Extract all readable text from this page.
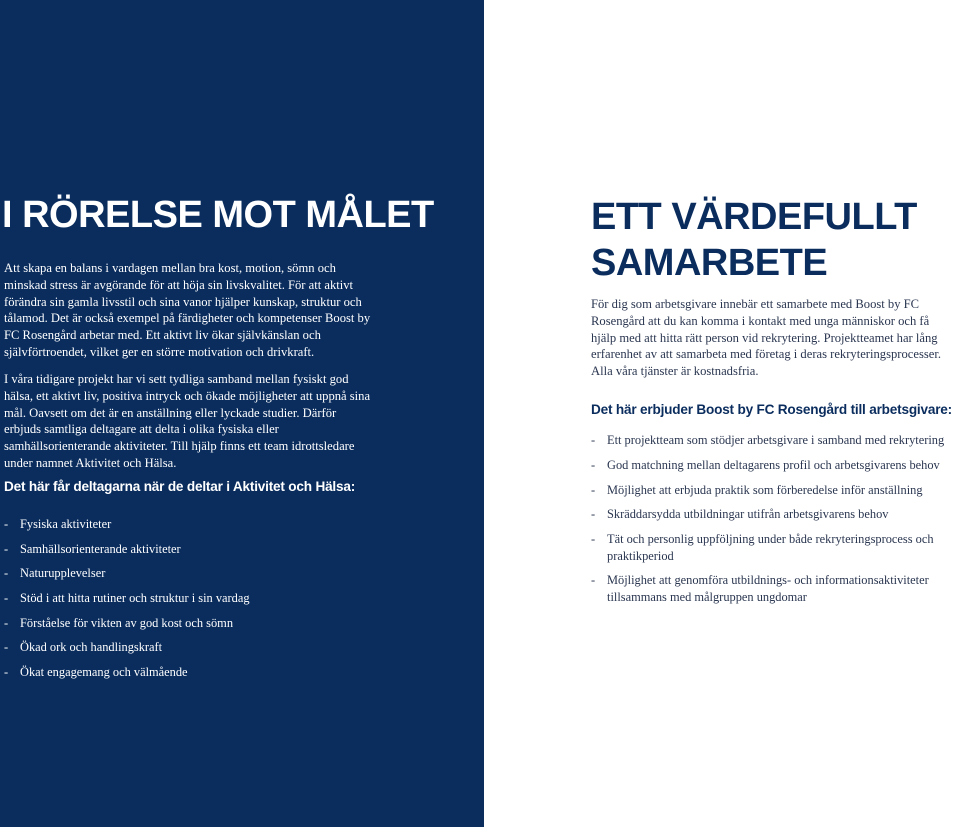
I RÖRELSE MOT MÅLET

Att skapa en balans i vardagen mellan bra kost, motion, sömn och minskad stress är avgörande för att höja sin livskvalitet. För att aktivt förändra sin gamla livsstil och sina vanor hjälper kunskap, struktur och tålamod. Det är också exempel på färdigheter och kompetenser Boost by FC Rosengård arbetar med. Ett aktivt liv ökar självkänslan och självförtroendet, vilket ger en större motivation och drivkraft.

I våra tidigare projekt har vi sett tydliga samband mellan fysiskt god hälsa, ett aktivt liv, positiva intryck och ökade möjligheter att uppnå sina mål. Oavsett om det är en anställning eller lyckade studier. Därför erbjuds samtliga deltagare att delta i olika fysiska eller samhällsorienterande aktiviteter. Till hjälp finns ett team idrottsledare under namnet Aktivitet och Hälsa.

Det här får deltagarna när de deltar i Aktivitet och Hälsa:
- Fysiska aktiviteter
- Samhällsorienterande aktiviteter
- Naturupplevelser
- Stöd i att hitta rutiner och struktur i sin vardag
- Förståelse för vikten av god kost och sömn
- Ökad ork och handlingskraft
- Ökat engagemang och välmående
ETT VÄRDEFULLT SAMARBETE

För dig som arbetsgivare innebär ett samarbete med Boost by FC Rosengård att du kan komma i kontakt med unga människor och få hjälp med att hitta rätt person vid rekrytering. Projektteamet har lång erfarenhet av att samarbeta med företag i deras rekryteringsprocesser. Alla våra tjänster är kostnadsfria.

Det här erbjuder Boost by FC Rosengård till arbetsgivare:
- Ett projektteam som stödjer arbetsgivare i samband med rekrytering
- God matchning mellan deltagarens profil och arbetsgivarens behov
- Möjlighet att erbjuda praktik som förberedelse inför anställning
- Skräddarsydda utbildningar utifrån arbetsgivarens behov
- Tät och personlig uppföljning under både rekryteringsprocess och praktikperiod
- Möjlighet att genomföra utbildnings- och informationsaktiviteter tillsammans med målgruppen ungdomar
